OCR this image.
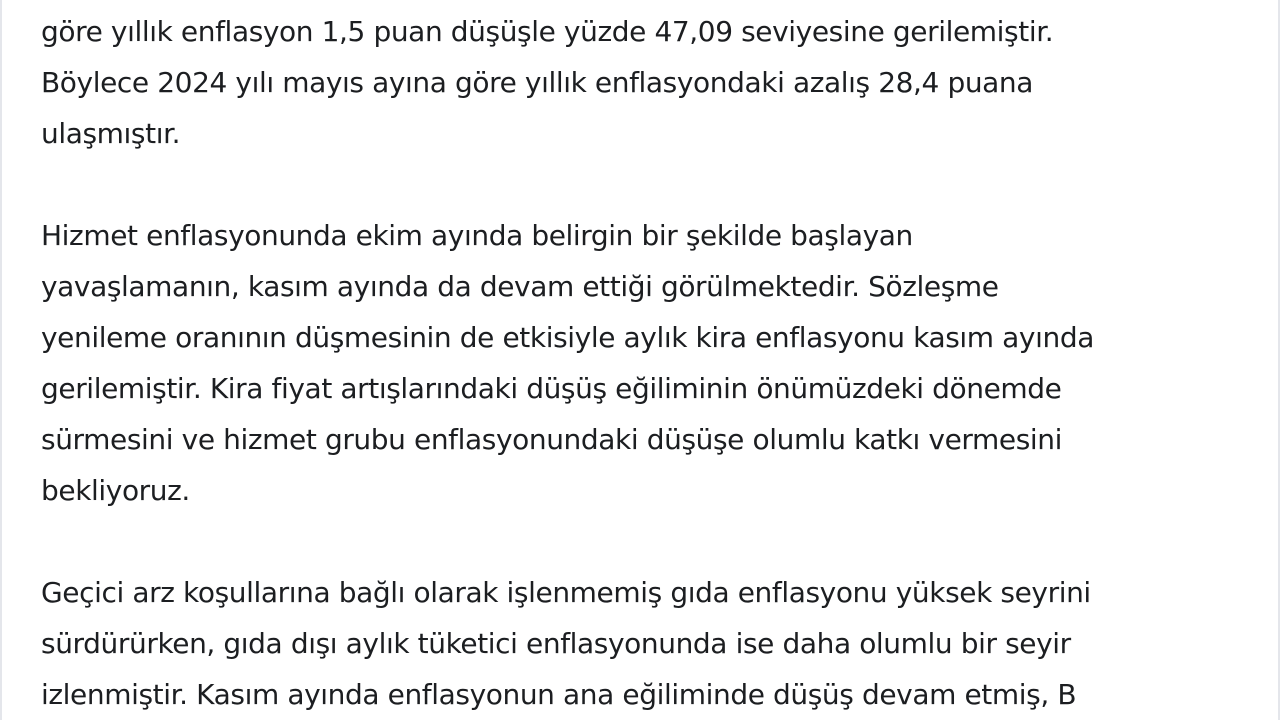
göre yıllık enflasyon 1,5 puan düşüşle yüzde 47,09 seviyesine gerilemiştir.
Böylece 2024 yılı mayıs ayına göre yıllık enflasyondaki azalış 28,4 puana
ulaşmıştır.
Hizmet enflasyonunda ekim ayında belirgin bir şekilde başlayan
yavaşlamanın, kasım ayında da devam ettiği görülmektedir. Sözleşme
yenileme oranının düşmesinin de etkisiyle aylık kira enflasyonu kasım ayında
gerilemiştir. Kira fiyat artışlarındaki düşüş eğiliminin önümüzdeki dönemde
sürmesini ve hizmet grubu enflasyonundaki düşüşe olumlu katkı vermesini
bekliyoruz.
Geçici arz koşullarına bağlı olarak işlenmemiş gıda enflasyonu yüksek seyrini
sürdürürken, gıda dışı aylık tüketici enflasyonunda ise daha olumlu bir seyir
izlenmiştir. Kasım ayında enflasyonun ana eğiliminde düşüş devam etmiş, B
